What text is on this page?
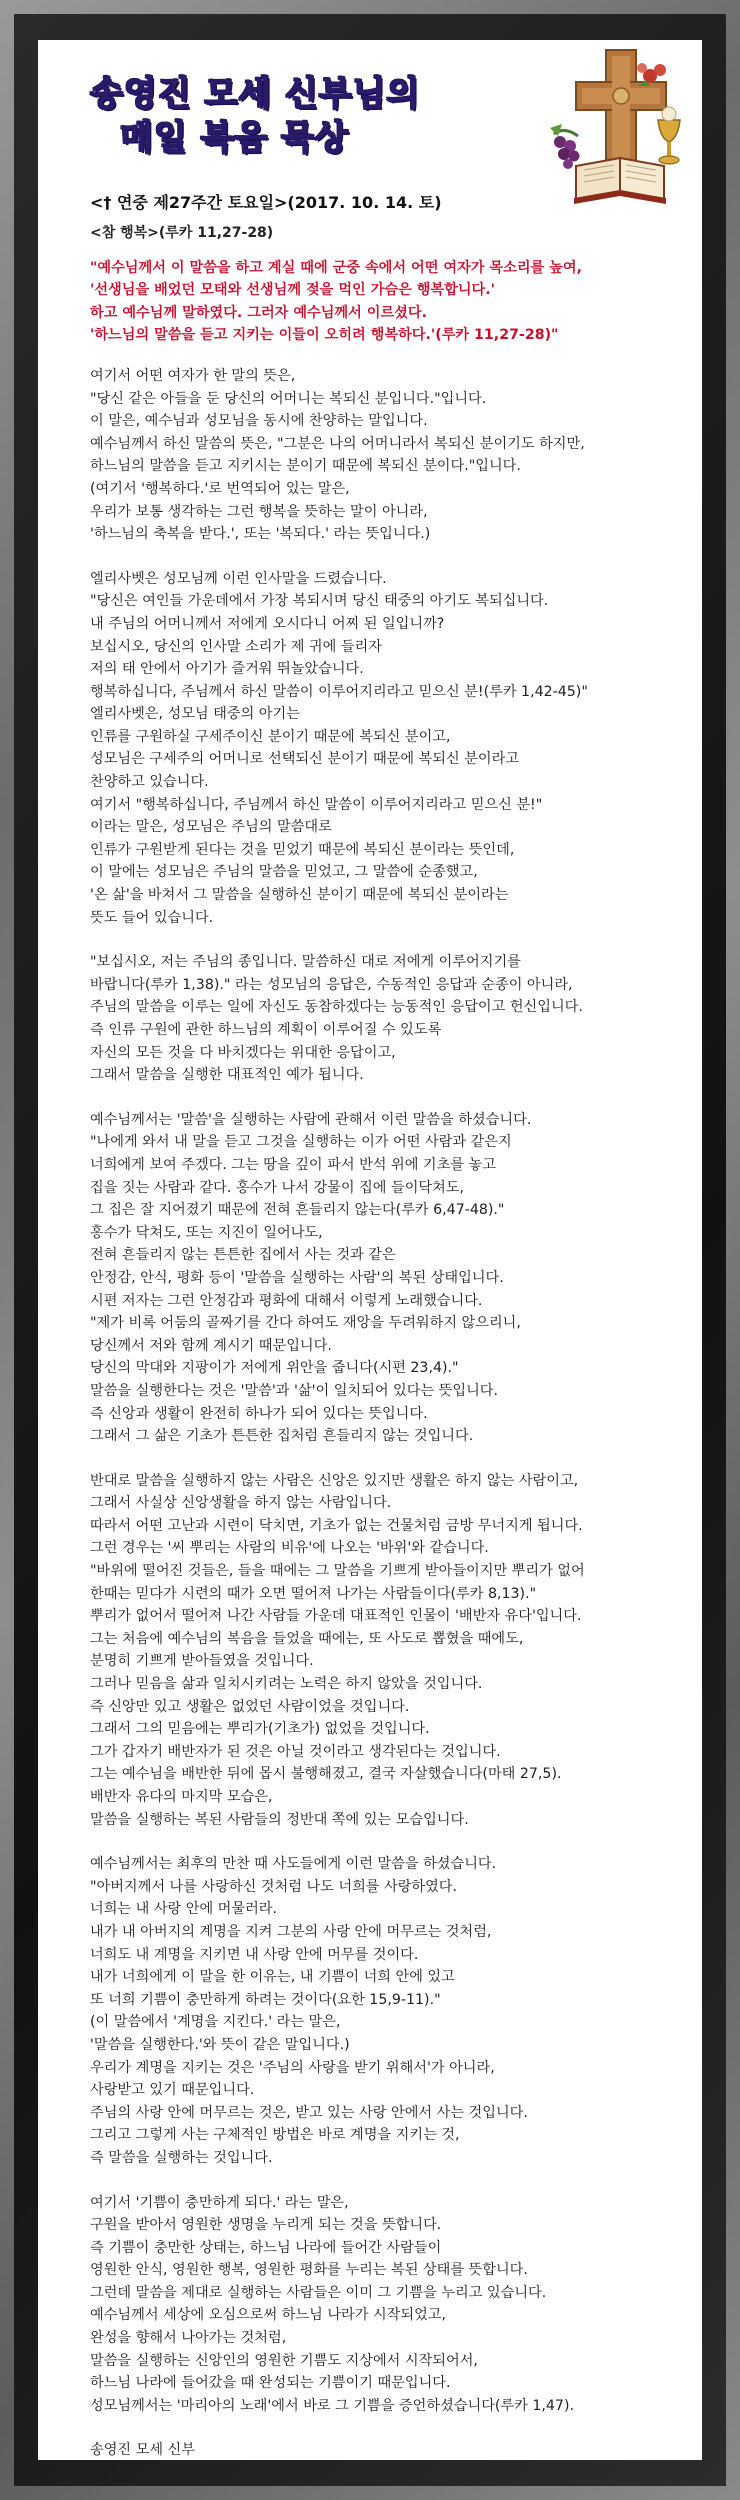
송영진 모세 신부님의
매일 복음 묵상
<† 연중 제27주간 토요일>(2017. 10. 14. 토)
<참 행복>(루카 11,27-28)
"예수님께서 이 말씀을 하고 계실 때에 군중 속에서 어떤 여자가 목소리를 높여,
'선생님을 배었던 모태와 선생님께 젖을 먹인 가슴은 행복합니다.'
하고 예수님께 말하였다. 그러자 예수님께서 이르셨다.
'하느님의 말씀을 듣고 지키는 이들이 오히려 행복하다.'(루카 11,27-28)"
여기서 어떤 여자가 한 말의 뜻은,
"당신 같은 아들을 둔 당신의 어머니는 복되신 분입니다."입니다.
이 말은, 예수님과 성모님을 동시에 찬양하는 말입니다.
예수님께서 하신 말씀의 뜻은, "그분은 나의 어머니라서 복되신 분이기도 하지만,
하느님의 말씀을 듣고 지키시는 분이기 때문에 복되신 분이다."입니다.
(여기서 '행복하다.'로 번역되어 있는 말은,
우리가 보통 생각하는 그런 행복을 뜻하는 말이 아니라,
'하느님의 축복을 받다.', 또는 '복되다.' 라는 뜻입니다.)
엘리사벳은 성모님께 이런 인사말을 드렸습니다.
"당신은 여인들 가운데에서 가장 복되시며 당신 태중의 아기도 복되십니다.
내 주님의 어머니께서 저에게 오시다니 어찌 된 일입니까?
보십시오, 당신의 인사말 소리가 제 귀에 들리자
저의 태 안에서 아기가 즐거워 뛰놀았습니다.
행복하십니다, 주님께서 하신 말씀이 이루어지리라고 믿으신 분!(루카 1,42-45)"
엘리사벳은, 성모님 태중의 아기는
인류를 구원하실 구세주이신 분이기 때문에 복되신 분이고,
성모님은 구세주의 어머니로 선택되신 분이기 때문에 복되신 분이라고
찬양하고 있습니다.
여기서 "행복하십니다, 주님께서 하신 말씀이 이루어지리라고 믿으신 분!"
이라는 말은, 성모님은 주님의 말씀대로
인류가 구원받게 된다는 것을 믿었기 때문에 복되신 분이라는 뜻인데,
이 말에는 성모님은 주님의 말씀을 믿었고, 그 말씀에 순종했고,
'온 삶'을 바쳐서 그 말씀을 실행하신 분이기 때문에 복되신 분이라는
뜻도 들어 있습니다.
"보십시오, 저는 주님의 종입니다. 말씀하신 대로 저에게 이루어지기를
바랍니다(루카 1,38)." 라는 성모님의 응답은, 수동적인 응답과 순종이 아니라,
주님의 말씀을 이루는 일에 자신도 동참하겠다는 능동적인 응답이고 헌신입니다.
즉 인류 구원에 관한 하느님의 계획이 이루어질 수 있도록
자신의 모든 것을 다 바치겠다는 위대한 응답이고,
그래서 말씀을 실행한 대표적인 예가 됩니다.
예수님께서는 '말씀'을 실행하는 사람에 관해서 이런 말씀을 하셨습니다.
"나에게 와서 내 말을 듣고 그것을 실행하는 이가 어떤 사람과 같은지
너희에게 보여 주겠다. 그는 땅을 깊이 파서 반석 위에 기초를 놓고
집을 짓는 사람과 같다. 홍수가 나서 강물이 집에 들이닥쳐도,
그 집은 잘 지어졌기 때문에 전혀 흔들리지 않는다(루카 6,47-48)."
홍수가 닥쳐도, 또는 지진이 일어나도,
전혀 흔들리지 않는 튼튼한 집에서 사는 것과 같은
안정감, 안식, 평화 등이 '말씀을 실행하는 사람'의 복된 상태입니다.
시편 저자는 그런 안정감과 평화에 대해서 이렇게 노래했습니다.
"제가 비록 어둠의 골짜기를 간다 하여도 재앙을 두려워하지 않으리니,
당신께서 저와 함께 계시기 때문입니다.
당신의 막대와 지팡이가 저에게 위안을 줍니다(시편 23,4)."
말씀을 실행한다는 것은 '말씀'과 '삶'이 일치되어 있다는 뜻입니다.
즉 신앙과 생활이 완전히 하나가 되어 있다는 뜻입니다.
그래서 그 삶은 기초가 튼튼한 집처럼 흔들리지 않는 것입니다.
반대로 말씀을 실행하지 않는 사람은 신앙은 있지만 생활은 하지 않는 사람이고,
그래서 사실상 신앙생활을 하지 않는 사람입니다.
따라서 어떤 고난과 시련이 닥치면, 기초가 없는 건물처럼 금방 무너지게 됩니다.
그런 경우는 '씨 뿌리는 사람의 비유'에 나오는 '바위'와 같습니다.
"바위에 떨어진 것들은, 들을 때에는 그 말씀을 기쁘게 받아들이지만 뿌리가 없어
한때는 믿다가 시련의 때가 오면 떨어져 나가는 사람들이다(루카 8,13)."
뿌리가 없어서 떨어져 나간 사람들 가운데 대표적인 인물이 '배반자 유다'입니다.
그는 처음에 예수님의 복음을 들었을 때에는, 또 사도로 뽑혔을 때에도,
분명히 기쁘게 받아들였을 것입니다.
그러나 믿음을 삶과 일치시키려는 노력은 하지 않았을 것입니다.
즉 신앙만 있고 생활은 없었던 사람이었을 것입니다.
그래서 그의 믿음에는 뿌리가(기초가) 없었을 것입니다.
그가 갑자기 배반자가 된 것은 아닐 것이라고 생각된다는 것입니다.
그는 예수님을 배반한 뒤에 몹시 불행해졌고, 결국 자살했습니다(마태 27,5).
배반자 유다의 마지막 모습은,
말씀을 실행하는 복된 사람들의 정반대 쪽에 있는 모습입니다.
예수님께서는 최후의 만찬 때 사도들에게 이런 말씀을 하셨습니다.
"아버지께서 나를 사랑하신 것처럼 나도 너희를 사랑하였다.
너희는 내 사랑 안에 머물러라.
내가 내 아버지의 계명을 지켜 그분의 사랑 안에 머무르는 것처럼,
너희도 내 계명을 지키면 내 사랑 안에 머무를 것이다.
내가 너희에게 이 말을 한 이유는, 내 기쁨이 너희 안에 있고
또 너희 기쁨이 충만하게 하려는 것이다(요한 15,9-11)."
(이 말씀에서 '계명을 지킨다.' 라는 말은,
'말씀을 실행한다.'와 뜻이 같은 말입니다.)
우리가 계명을 지키는 것은 '주님의 사랑을 받기 위해서'가 아니라,
사랑받고 있기 때문입니다.
주님의 사랑 안에 머무르는 것은, 받고 있는 사랑 안에서 사는 것입니다.
그리고 그렇게 사는 구체적인 방법은 바로 계명을 지키는 것,
즉 말씀을 실행하는 것입니다.
여기서 '기쁨이 충만하게 되다.' 라는 말은,
구원을 받아서 영원한 생명을 누리게 되는 것을 뜻합니다.
즉 기쁨이 충만한 상태는, 하느님 나라에 들어간 사람들이
영원한 안식, 영원한 행복, 영원한 평화를 누리는 복된 상태를 뜻합니다.
그런데 말씀을 제대로 실행하는 사람들은 이미 그 기쁨을 누리고 있습니다.
예수님께서 세상에 오심으로써 하느님 나라가 시작되었고,
완성을 향해서 나아가는 것처럼,
말씀을 실행하는 신앙인의 영원한 기쁨도 지상에서 시작되어서,
하느님 나라에 들어갔을 때 완성되는 기쁨이기 때문입니다.
성모님께서는 '마리아의 노래'에서 바로 그 기쁨을 증언하셨습니다(루카 1,47).
송영진 모세 신부
